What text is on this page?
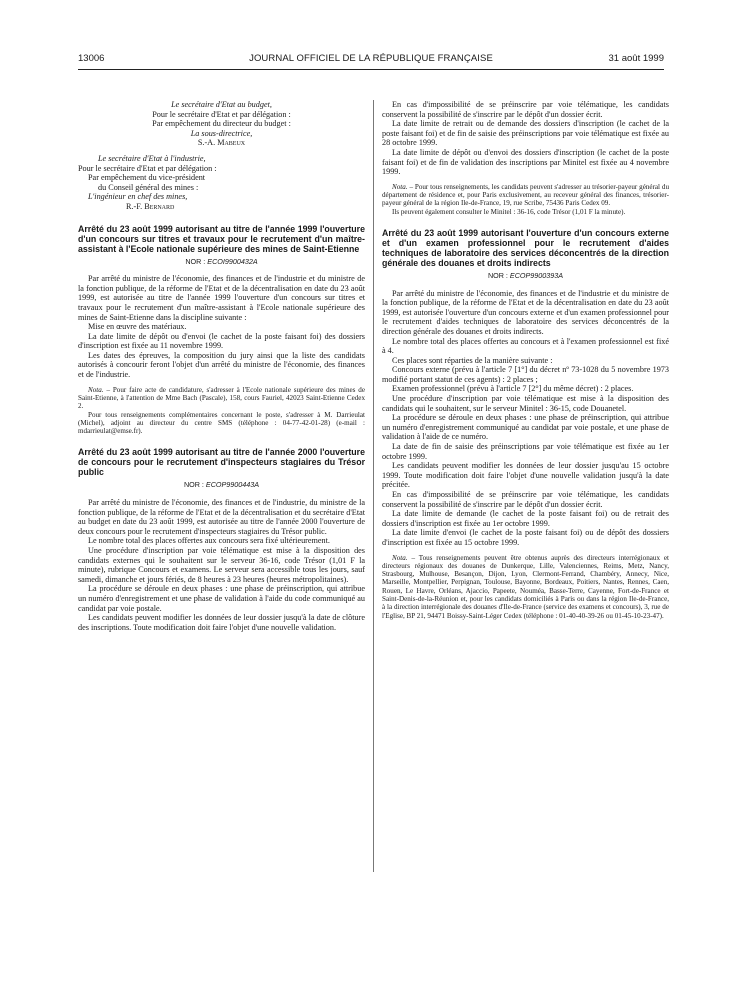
13006	JOURNAL OFFICIEL DE LA RÉPUBLIQUE FRANÇAISE	31 août 1999

Le secrétaire d'Etat au budget,

Pour le secrétaire d'Etat et par délégation :

Par empêchement du directeur du budget :

La sous-directrice,

S.-A. Mabeux

Le secrétaire d'Etat à l'industrie,

Pour le secrétaire d'Etat et par délégation :

Par empêchement du vice-président

du Conseil général des mines :

L'ingénieur en chef des mines,

R.-F. Bernard

Arrêté du 23 août 1999 autorisant au titre de l'année 1999 l'ouverture d'un concours sur titres et travaux pour le recrutement d'un maître-assistant à l'Ecole nationale supérieure des mines de Saint-Etienne

NOR : ECOI9900432A

Par arrêté du ministre de l'économie, des finances et de l'industrie et du ministre de la fonction publique, de la réforme de l'Etat et de la décentralisation en date du 23 août 1999, est autorisée au titre de l'année 1999 l'ouverture d'un concours sur titres et travaux pour le recrutement d'un maître-assistant à l'Ecole nationale supérieure des mines de Saint-Etienne dans la discipline suivante :

Mise en œuvre des matériaux.

La date limite de dépôt ou d'envoi (le cachet de la poste faisant foi) des dossiers d'inscription est fixée au 11 novembre 1999.

Les dates des épreuves, la composition du jury ainsi que la liste des candidats autorisés à concourir feront l'objet d'un arrêté du ministre de l'économie, des finances et de l'industrie.

Nota. – Pour faire acte de candidature, s'adresser à l'Ecole nationale supérieure des mines de Saint-Etienne, à l'attention de Mme Bach (Pascale), 158, cours Fauriel, 42023 Saint-Etienne Cedex 2.

Pour tous renseignements complémentaires concernant le poste, s'adresser à M. Darrieulat (Michel), adjoint au directeur du centre SMS (téléphone : 04-77-42-01-28) (e-mail : mdarrieulat@emse.fr).

Arrêté du 23 août 1999 autorisant au titre de l'année 2000 l'ouverture de concours pour le recrutement d'inspecteurs stagiaires du Trésor public

NOR : ECOP9900443A

Par arrêté du ministre de l'économie, des finances et de l'industrie, du ministre de la fonction publique, de la réforme de l'Etat et de la décentralisation et du secrétaire d'Etat au budget en date du 23 août 1999, est autorisée au titre de l'année 2000 l'ouverture de deux concours pour le recrutement d'inspecteurs stagiaires du Trésor public.

Le nombre total des places offertes aux concours sera fixé ultérieurement.

Une procédure d'inscription par voie télématique est mise à la disposition des candidats externes qui le souhaitent sur le serveur 36-16, code Trésor (1,01 F la minute), rubrique Concours et examens. Le serveur sera accessible tous les jours, sauf samedi, dimanche et jours fériés, de 8 heures à 23 heures (heures métropolitaines).

La procédure se déroule en deux phases : une phase de préinscription, qui attribue un numéro d'enregistrement et une phase de validation à l'aide du code communiqué au candidat par voie postale.

Les candidats peuvent modifier les données de leur dossier jusqu'à la date de clôture des inscriptions. Toute modification doit faire l'objet d'une nouvelle validation.

En cas d'impossibilité de se préinscrire par voie télématique, les candidats conservent la possibilité de s'inscrire par le dépôt d'un dossier écrit.

La date limite de retrait ou de demande des dossiers d'inscription (le cachet de la poste faisant foi) et de fin de saisie des préinscriptions par voie télématique est fixée au 28 octobre 1999.

La date limite de dépôt ou d'envoi des dossiers d'inscription (le cachet de la poste faisant foi) et de fin de validation des inscriptions par Minitel est fixée au 4 novembre 1999.

Nota. – Pour tous renseignements, les candidats peuvent s'adresser au trésorier-payeur général du département de résidence et, pour Paris exclusivement, au receveur général des finances, trésorier-payeur général de la région Ile-de-France, 19, rue Scribe, 75436 Paris Cedex 09.

Ils peuvent également consulter le Minitel : 36-16, code Trésor (1,01 F la minute).

Arrêté du 23 août 1999 autorisant l'ouverture d'un concours externe et d'un examen professionnel pour le recrutement d'aides techniques de laboratoire des services déconcentrés de la direction générale des douanes et droits indirects

NOR : ECOP9900393A

Par arrêté du ministre de l'économie, des finances et de l'industrie et du ministre de la fonction publique, de la réforme de l'Etat et de la décentralisation en date du 23 août 1999, est autorisée l'ouverture d'un concours externe et d'un examen professionnel pour le recrutement d'aides techniques de laboratoire des services déconcentrés de la direction générale des douanes et droits indirects.

Le nombre total des places offertes au concours et à l'examen professionnel est fixé à 4.

Ces places sont réparties de la manière suivante :

Concours externe (prévu à l'article 7 [1°] du décret nº 73-1028 du 5 novembre 1973 modifié portant statut de ces agents) : 2 places ;

Examen professionnel (prévu à l'article 7 [2°] du même décret) : 2 places.

Une procédure d'inscription par voie télématique est mise à la disposition des candidats qui le souhaitent, sur le serveur Minitel : 36-15, code Douanetel.

La procédure se déroule en deux phases : une phase de préinscription, qui attribue un numéro d'enregistrement communiqué au candidat par voie postale, et une phase de validation à l'aide de ce numéro.

La date de fin de saisie des préinscriptions par voie télématique est fixée au 1er octobre 1999.

Les candidats peuvent modifier les données de leur dossier jusqu'au 15 octobre 1999. Toute modification doit faire l'objet d'une nouvelle validation jusqu'à la date précitée.

En cas d'impossibilité de se préinscrire par voie télématique, les candidats conservent la possibilité de s'inscrire par le dépôt d'un dossier écrit.

La date limite de demande (le cachet de la poste faisant foi) ou de retrait des dossiers d'inscription est fixée au 1er octobre 1999.

La date limite d'envoi (le cachet de la poste faisant foi) ou de dépôt des dossiers d'inscription est fixée au 15 octobre 1999.

Nota. – Tous renseignements peuvent être obtenus auprès des directeurs interrégionaux et directeurs régionaux des douanes de Dunkerque, Lille, Valenciennes, Reims, Metz, Nancy, Strasbourg, Mulhouse, Besançon, Dijon, Lyon, Clermont-Ferrand, Chambéry, Annecy, Nice, Marseille, Montpellier, Perpignan, Toulouse, Bayonne, Bordeaux, Poitiers, Nantes, Rennes, Caen, Rouen, Le Havre, Orléans, Ajaccio, Papeete, Nouméa, Basse-Terre, Cayenne, Fort-de-France et Saint-Denis-de-la-Réunion et, pour les candidats domiciliés à Paris ou dans la région Ile-de-France, à la direction interrégionale des douanes d'Ile-de-France (service des examens et concours), 3, rue de l'Eglise, BP 21, 94471 Boissy-Saint-Léger Cedex (téléphone : 01-40-40-39-26 ou 01-45-10-23-47).
